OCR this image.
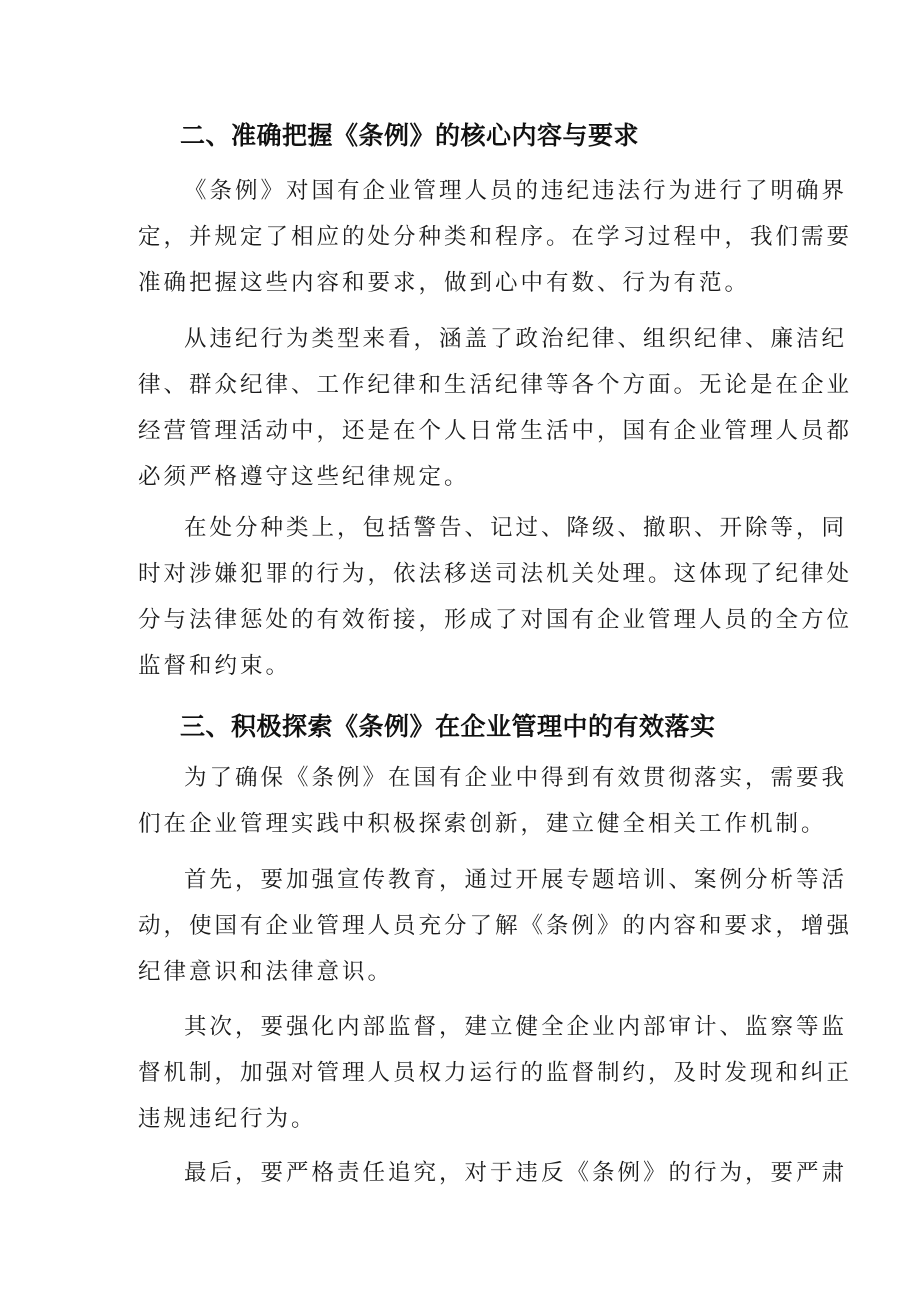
二、准确把握《条例》的核心内容与要求
《条例》对国有企业管理人员的违纪违法行为进行了明确界
定，并规定了相应的处分种类和程序。在学习过程中，我们需要
准确把握这些内容和要求，做到心中有数、行为有范。
从违纪行为类型来看，涵盖了政治纪律、组织纪律、廉洁纪
律、群众纪律、工作纪律和生活纪律等各个方面。无论是在企业
经营管理活动中，还是在个人日常生活中，国有企业管理人员都
必须严格遵守这些纪律规定。
在处分种类上，包括警告、记过、降级、撤职、开除等，同
时对涉嫌犯罪的行为，依法移送司法机关处理。这体现了纪律处
分与法律惩处的有效衔接，形成了对国有企业管理人员的全方位
监督和约束。
三、积极探索《条例》在企业管理中的有效落实
为了确保《条例》在国有企业中得到有效贯彻落实，需要我
们在企业管理实践中积极探索创新，建立健全相关工作机制。
首先，要加强宣传教育，通过开展专题培训、案例分析等活
动，使国有企业管理人员充分了解《条例》的内容和要求，增强
纪律意识和法律意识。
其次，要强化内部监督，建立健全企业内部审计、监察等监
督机制，加强对管理人员权力运行的监督制约，及时发现和纠正
违规违纪行为。
最后，要严格责任追究，对于违反《条例》的行为，要严肃
